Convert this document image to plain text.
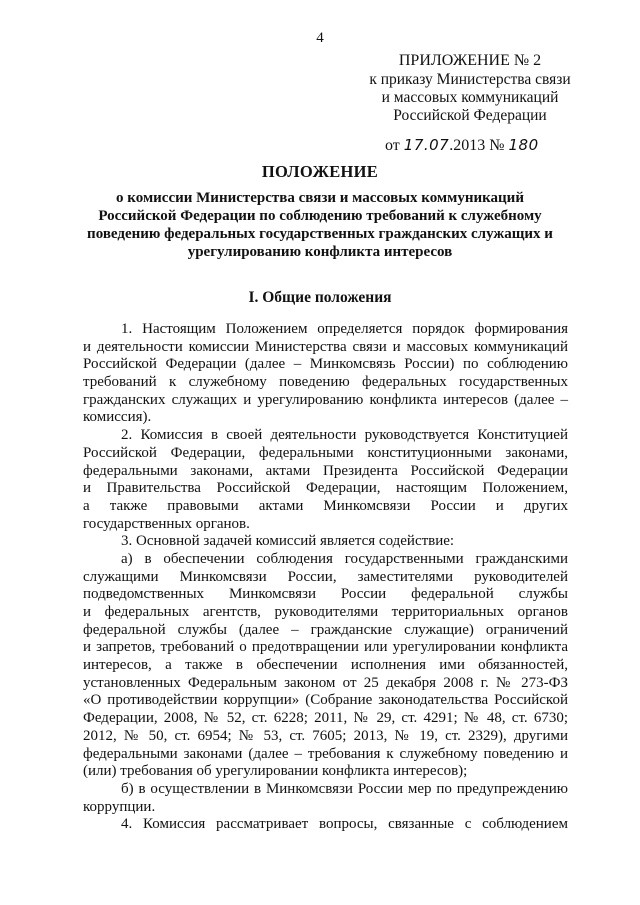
4
ПРИЛОЖЕНИЕ № 2
к приказу Министерства связи
и массовых коммуникаций
Российской Федерации
от 17.07.2013 № 180
ПОЛОЖЕНИЕ
о комиссии Министерства связи и массовых коммуникаций
Российской Федерации по соблюдению требований к служебному
поведению федеральных государственных гражданских служащих и
урегулированию конфликта интересов
I. Общие положения
1. Настоящим Положением определяется порядок формирования
и деятельности комиссии Министерства связи и массовых коммуникаций
Российской Федерации (далее – Минкомсвязь России) по соблюдению
требований к служебному поведению федеральных государственных
гражданских служащих и урегулированию конфликта интересов (далее –
комиссия).
2. Комиссия в своей деятельности руководствуется Конституцией
Российской Федерации, федеральными конституционными законами,
федеральными законами, актами Президента Российской Федерации
и Правительства Российской Федерации, настоящим Положением,
а также правовыми актами Минкомсвязи России и других
государственных органов.
3. Основной задачей комиссий является содействие:
а) в обеспечении соблюдения государственными гражданскими
служащими Минкомсвязи России, заместителями руководителей
подведомственных Минкомсвязи России федеральной службы
и федеральных агентств, руководителями территориальных органов
федеральной службы (далее – гражданские служащие) ограничений
и запретов, требований о предотвращении или урегулировании конфликта
интересов, а также в обеспечении исполнения ими обязанностей,
установленных Федеральным законом от 25 декабря 2008 г. № 273-ФЗ
«О противодействии коррупции» (Собрание законодательства Российской
Федерации, 2008, № 52, ст. 6228; 2011, № 29, ст. 4291; № 48, ст. 6730;
2012, № 50, ст. 6954; № 53, ст. 7605; 2013, № 19, ст. 2329), другими
федеральными законами (далее – требования к служебному поведению и
(или) требования об урегулировании конфликта интересов);
б) в осуществлении в Минкомсвязи России мер по предупреждению
коррупции.
4. Комиссия рассматривает вопросы, связанные с соблюдением
